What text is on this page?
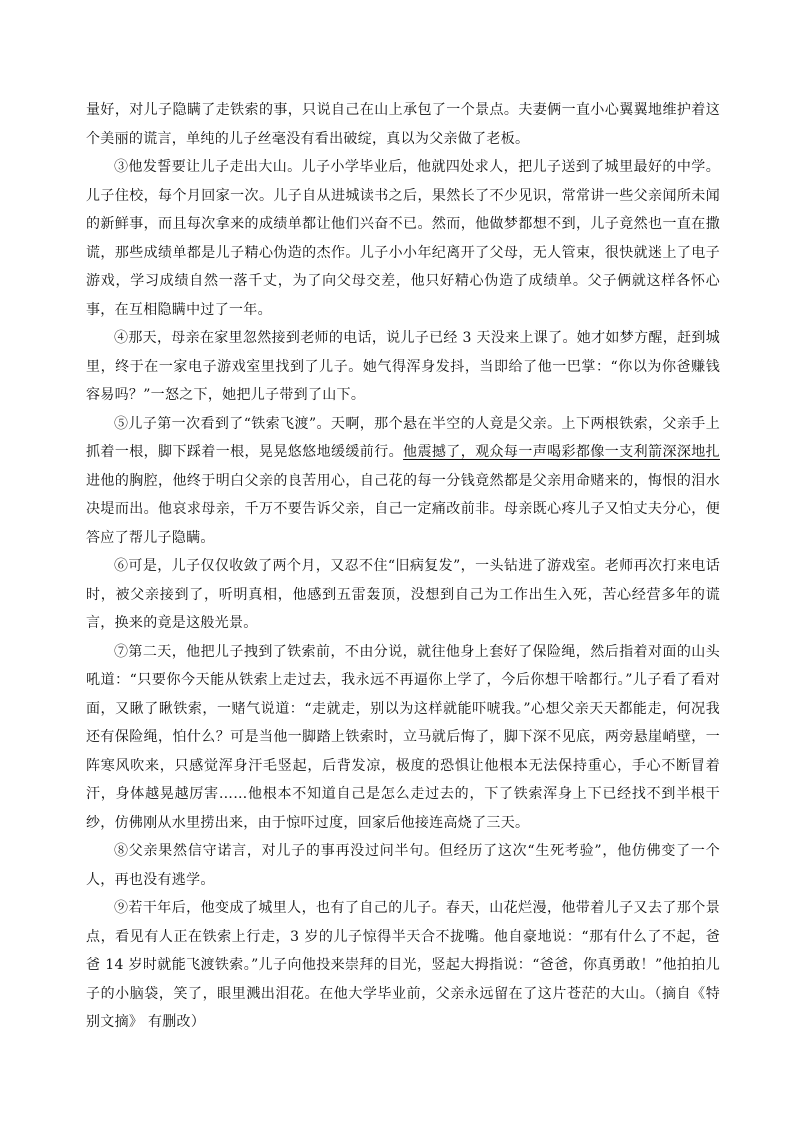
量好，对儿子隐瞒了走铁索的事，只说自己在山上承包了一个景点。夫妻俩一直小心翼翼地维护着这个美丽的谎言，单纯的儿子丝毫没有看出破绽，真以为父亲做了老板。

③他发誓要让儿子走出大山。儿子小学毕业后，他就四处求人，把儿子送到了城里最好的中学。儿子住校，每个月回家一次。儿子自从进城读书之后，果然长了不少见识，常常讲一些父亲闻所未闻的新鲜事，而且每次拿来的成绩单都让他们兴奋不已。然而，他做梦都想不到，儿子竟然也一直在撒谎，那些成绩单都是儿子精心伪造的杰作。儿子小小年纪离开了父母，无人管束，很快就迷上了电子游戏，学习成绩自然一落千丈，为了向父母交差，他只好精心伪造了成绩单。父子俩就这样各怀心事，在互相隐瞒中过了一年。

④那天，母亲在家里忽然接到老师的电话，说儿子已经 3 天没来上课了。她才如梦方醒，赶到城里，终于在一家电子游戏室里找到了儿子。她气得浑身发抖，当即给了他一巴掌：“你以为你爸赚钱容易吗？”一怒之下，她把儿子带到了山下。

⑤儿子第一次看到了“铁索飞渡”。天啊，那个悬在半空的人竟是父亲。上下两根铁索，父亲手上抓着一根，脚下踩着一根，晃晃悠悠地缓缓前行。他震撼了，观众每一声喝彩都像一支利箭深深地扎进他的胸腔，他终于明白父亲的良苦用心，自己花的每一分钱竟然都是父亲用命赌来的，悔恨的泪水决堤而出。他哀求母亲，千万不要告诉父亲，自己一定痛改前非。母亲既心疼儿子又怕丈夫分心，便答应了帮儿子隐瞒。

⑥可是，儿子仅仅收敛了两个月，又忍不住“旧病复发”，一头钻进了游戏室。老师再次打来电话时，被父亲接到了，听明真相，他感到五雷轰顶，没想到自己为工作出生入死，苦心经营多年的谎言，换来的竟是这般光景。

⑦第二天，他把儿子拽到了铁索前，不由分说，就往他身上套好了保险绳，然后指着对面的山头吼道：“只要你今天能从铁索上走过去，我永远不再逼你上学了，今后你想干啥都行。”儿子看了看对面，又瞅了瞅铁索，一赌气说道：“走就走，别以为这样就能吓唬我。”心想父亲天天都能走，何况我还有保险绳，怕什么？可是当他一脚踏上铁索时，立马就后悔了，脚下深不见底，两旁悬崖峭壁，一阵寒风吹来，只感觉浑身汗毛竖起，后背发凉，极度的恐惧让他根本无法保持重心，手心不断冒着汗，身体越晃越厉害……他根本不知道自己是怎么走过去的，下了铁索浑身上下已经找不到半根干纱，仿佛刚从水里捞出来，由于惊吓过度，回家后他接连高烧了三天。

⑧父亲果然信守诺言，对儿子的事再没过问半句。但经历了这次“生死考验”，他仿佛变了一个人，再也没有逃学。

⑨若干年后，他变成了城里人，也有了自己的儿子。春天，山花烂漫，他带着儿子又去了那个景点，看见有人正在铁索上行走，3 岁的儿子惊得半天合不拢嘴。他自豪地说：“那有什么了不起，爸爸 14 岁时就能飞渡铁索。”儿子向他投来崇拜的目光，竖起大拇指说：“爸爸，你真勇敢！”他拍拍儿子的小脑袋，笑了，眼里溅出泪花。在他大学毕业前，父亲永远留在了这片苍茫的大山。（摘自《特别文摘》 有删改）
